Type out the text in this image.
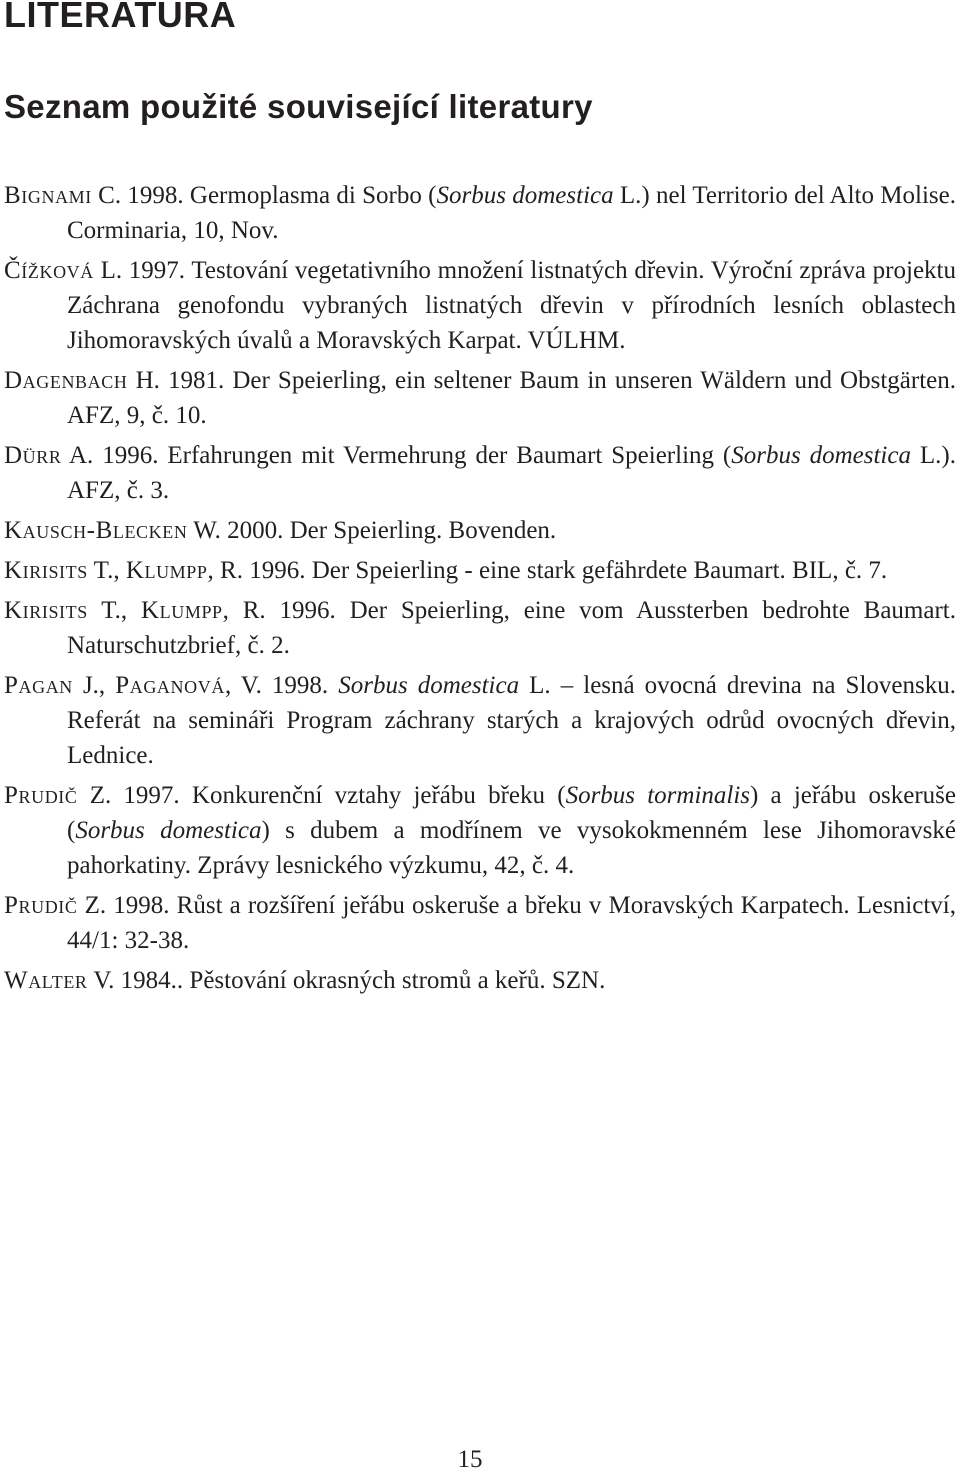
LITERATURA
Seznam použité související literatury
Bignami C. 1998. Germoplasma di Sorbo (Sorbus domestica L.) nel Territorio del Alto Molise. Corminaria, 10, Nov.
Čížková L. 1997. Testování vegetativního množení listnatých dřevin. Výroční zpráva projektu Záchrana genofondu vybraných listnatých dřevin v přírodních lesních oblastech Jihomoravských úvalů a Moravských Karpat. VÚLHM.
Dagenbach H. 1981. Der Speierling, ein seltener Baum in unseren Wäldern und Obstgärten. AFZ, 9, č. 10.
Dürr A. 1996. Erfahrungen mit Vermehrung der Baumart Speierling (Sorbus domestica L.). AFZ, č. 3.
Kausch-Blecken W. 2000. Der Speierling. Bovenden.
Kirisits T., Klumpp, R. 1996. Der Speierling - eine stark gefährdete Baumart. BIL, č. 7.
Kirisits T., Klumpp, R. 1996. Der Speierling, eine vom Aussterben bedrohte Baumart. Naturschutzbrief, č. 2.
Pagan J., Paganová, V. 1998. Sorbus domestica L. – lesná ovocná drevina na Slovensku. Referát na semináři Program záchrany starých a krajových odrůd ovocných dřevin, Lednice.
Prudič Z. 1997. Konkurenční vztahy jeřábu břeku (Sorbus torminalis) a jeřábu oskeruše (Sorbus domestica) s dubem a modřínem ve vysokokmenném lese Jihomoravské pahorkatiny. Zprávy lesnického výzkumu, 42, č. 4.
Prudič Z. 1998. Růst a rozšíření jeřábu oskeruše a břeku v Moravských Karpatech. Lesnictví, 44/1: 32-38.
Walter V. 1984.. Pěstování okrasných stromů a keřů. SZN.
15
